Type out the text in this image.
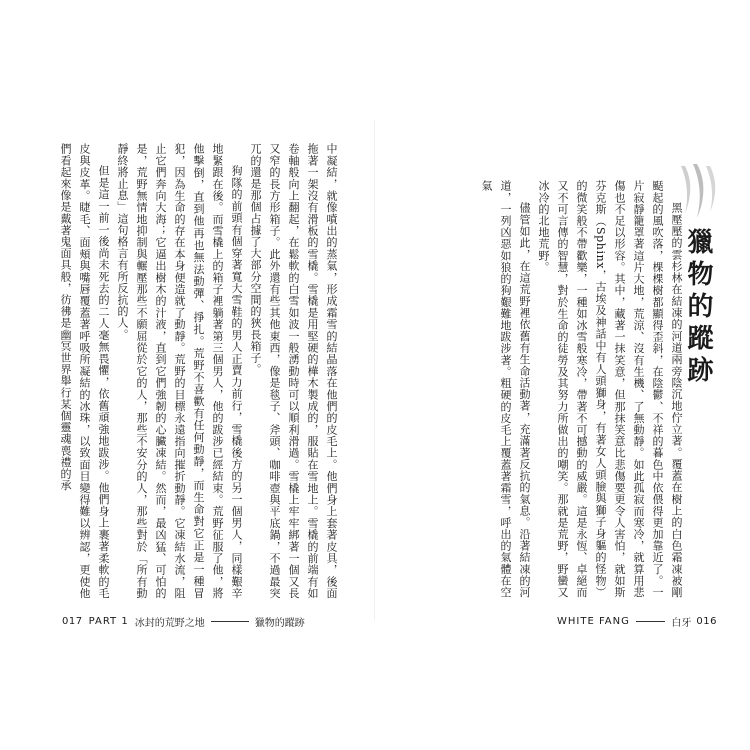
中凝結，就像噴出的蒸氣，形成霜雪的結晶落在他們的皮毛上。他們身上套著皮具，後面拖著一架沒有滑板的雪橇。雪橇是用堅硬的樺木製成的，服貼在雪地上。雪橇的前端有如卷軸般向上翻起，在鬆軟的白雪如波一般湧動時可以順利滑過。雪橇上牢牢綁著一個又長又窄的長方形箱子。此外還有些其他東西，像是毯子、斧頭、咖啡壺與平底鍋，不過最突兀的還是那個占據了大部分空間的狹長箱子。

狗隊的前頭有個穿著寬大雪鞋的男人正賣力前行，雪橇後方的另一個男人，同樣艱辛地緊跟在後。而雪橇上的箱子裡躺著第三個男人，他的跋涉已經結束。荒野征服了他，將他擊倒，直到他再也無法動彈、掙扎。荒野不喜歡有任何動靜，而生命對它正是一種冒犯，因為生命的存在本身便造就了動靜。荒野的目標永遠指向摧折動靜。它凍結水流，阻止它們奔向大海；它逼出樹木的汁液，直到它們強韌的心臟凍結。然而，最凶猛、可怕的是，荒野無情地抑制與輾壓那些不願屈從於它的人，那些不安分的人，那些對於「所有動靜終將止息」這句格言有所反抗的人。

但是這一前一後尚未死去的二人毫無畏懼，依舊頑強地跋涉。他們身上裹著柔軟的毛皮與皮革。睫毛、面頰與嘴唇覆蓋著呼吸所凝結的冰珠，以致面目變得難以辨認，更使他們看起來像是戴著鬼面具般，彷彿是幽冥世界舉行某個靈魂喪禮的承

017 PART 1 冰封的荒野之地	獵物的蹤跡

黑壓壓的雲杉林在結凍的河道兩旁陰沉地佇立著。覆蓋在樹上的白色霜凍被剛颳起的風吹落，棵棵樹都顯得歪斜，在陰鬱、不祥的暮色中依偎得更加靠近了。一片寂靜籠罩著這片大地，荒涼、沒有生機、了無動靜。如此孤寂而寒冷，就算用悲傷也不足以形容。其中，藏著一抹笑意，但那抹笑意比悲傷要更令人害怕，就如斯芬克斯（Sphinx，古埃及神話中有人頭獅身，有著女人頭臉與獅子身軀的怪物）的微笑般不帶歡樂，一種如冰雪般寒冷，帶著不可撼動的威嚴。這是永恆、卓絕而又不可言傳的智慧，對於生命的徒勞及其努力所做出的嘲笑。那就是荒野，野蠻又冰冷的北地荒野。

儘管如此，在這荒野裡依舊有生命活動著，充滿著反抗的氣息。沿著結凍的河道，一列凶惡如狼的狗艱難地跋涉著。粗硬的皮毛上覆蓋著霜雪，呼出的氣體在空氣

獵物的蹤跡
WHITE FANG	白牙 016
